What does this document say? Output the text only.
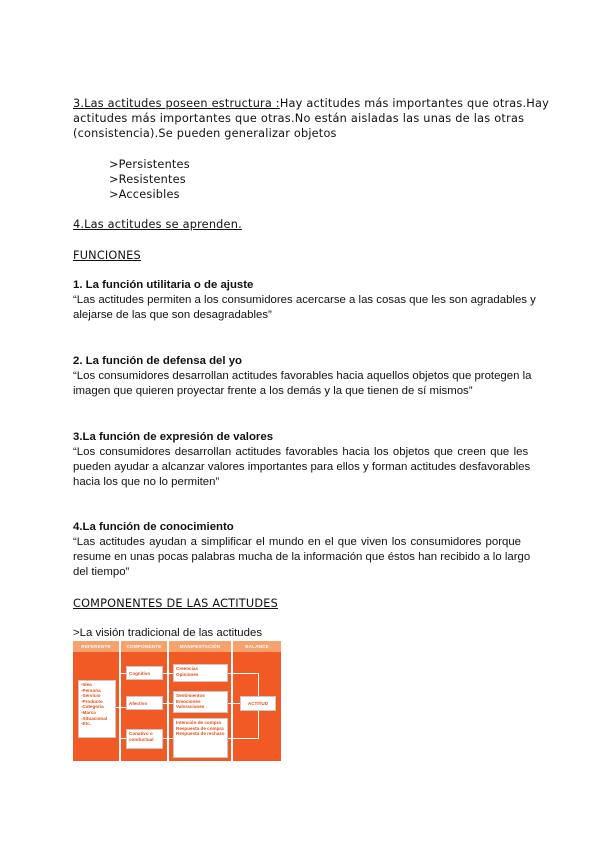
3.Las actitudes poseen estructura :Hay actitudes más importantes que otras.Hay
actitudes más importantes que otras.No están aisladas las unas de las otras
(consistencia).Se pueden generalizar objetos
>Persistentes
>Resistentes
>Accesibles
4.Las actitudes se aprenden.
FUNCIONES
1. La función utilitaria o de ajuste
“Las actitudes permiten a los consumidores acercarse a las cosas que les son agradables y
alejarse de las que son desagradables”
2. La función de defensa del yo
“Los consumidores desarrollan actitudes favorables hacia aquellos objetos que protegen la
imagen que quieren proyectar frente a los demás y la que tienen de sí mismos”
3.La función de expresión de valores
“Los consumidores desarrollan actitudes favorables hacia los objetos que creen que les
pueden ayudar a alcanzar valores importantes para ellos y forman actitudes desfavorables
hacia los que no lo permiten”
4.La función de conocimiento
“Las actitudes ayudan a simplificar el mundo en el que viven los consumidores porque
resume en unas pocas palabras mucha de la información que éstos han recibido a lo largo
del tiempo”
COMPONENTES DE LAS ACTITUDES
>La visión tradicional de las actitudes
REFERENTE	COMPONENTE	MANIFESTACIÓN	BALANCE
-Idea
-Persona
-Servicio
-Producto
-Categoría
-Marca
-Situacional
-Etc.
Cognitivo
Afectivo
Conativo o conductual
Creencias
Opiniones
Sentimientos
Emociones
Valoraciones
Intención de compra
Respuesta de compra
Respuesta de rechazo
ACTITUD
